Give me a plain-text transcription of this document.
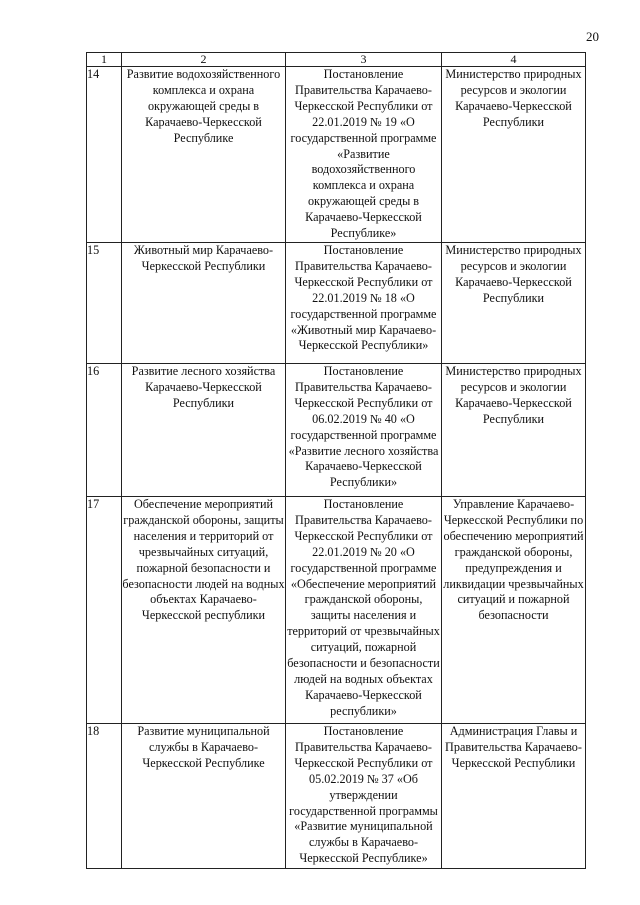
20
1	2	3	4
14	Развитие водохозяйственного комплекса и охрана окружающей среды в Карачаево-Черкесской Республике	Постановление Правительства Карачаево-Черкесской Республики от 22.01.2019 № 19 «О государственной программе «Развитие водохозяйственного комплекса и охрана окружающей среды в Карачаево-Черкесской Республике»	Министерство природных ресурсов и экологии Карачаево-Черкесской Республики
15	Животный мир Карачаево-Черкесской Республики	Постановление Правительства Карачаево-Черкесской Республики от 22.01.2019 № 18 «О государственной программе «Животный мир Карачаево-Черкесской Республики»	Министерство природных ресурсов и экологии Карачаево-Черкесской Республики
16	Развитие лесного хозяйства Карачаево-Черкесской Республики	Постановление Правительства Карачаево-Черкесской Республики от 06.02.2019 № 40 «О государственной программе «Развитие лесного хозяйства Карачаево-Черкесской Республики»	Министерство природных ресурсов и экологии Карачаево-Черкесской Республики
17	Обеспечение мероприятий гражданской обороны, защиты населения и территорий от чрезвычайных ситуаций, пожарной безопасности и безопасности людей на водных объектах Карачаево-Черкесской республики	Постановление Правительства Карачаево-Черкесской Республики от 22.01.2019 № 20 «О государственной программе «Обеспечение мероприятий гражданской обороны, защиты населения и территорий от чрезвычайных ситуаций, пожарной безопасности и безопасности людей на водных объектах Карачаево-Черкесской республики»	Управление Карачаево-Черкесской Республики по обеспечению мероприятий гражданской обороны, предупреждения и ликвидации чрезвычайных ситуаций и пожарной безопасности
18	Развитие муниципальной службы в Карачаево-Черкесской Республике	Постановление Правительства Карачаево-Черкесской Республики от 05.02.2019 № 37 «Об утверждении государственной программы «Развитие муниципальной службы в Карачаево-Черкесской Республике»	Администрация Главы и Правительства Карачаево-Черкесской Республики
